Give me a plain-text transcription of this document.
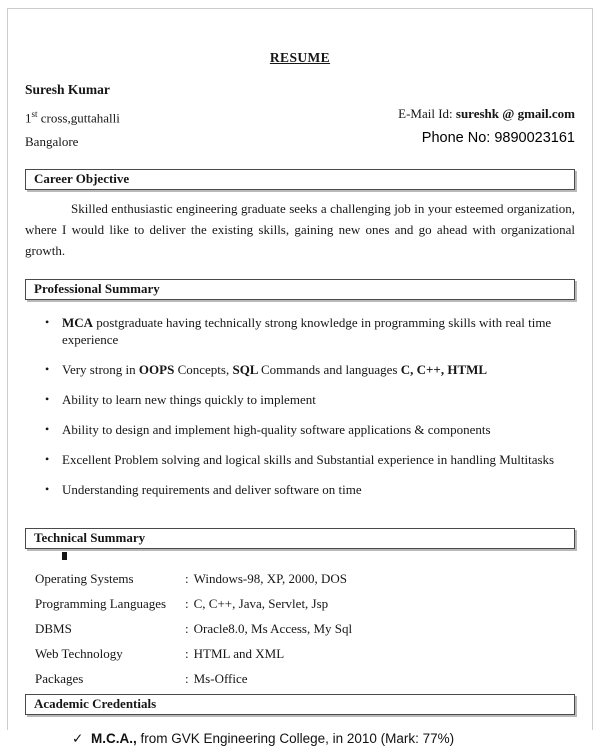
RESUME
Suresh Kumar
1st cross,guttahalli
Bangalore
E-Mail Id: sureshk @ gmail.com
Phone No: 9890023161
Career Objective
Skilled enthusiastic engineering graduate seeks a challenging job in your esteemed organization, where I would like to deliver the existing skills, gaining new ones and go ahead with organizational growth.
Professional Summary
• MCA postgraduate having technically strong knowledge in programming skills with real time experience
• Very strong in OOPS Concepts, SQL Commands and languages C, C++, HTML
• Ability to learn new things quickly to implement
• Ability to design and implement high-quality software applications & components
• Excellent Problem solving and logical skills and Substantial experience in handling Multitasks
• Understanding requirements and deliver software on time
Technical Summary
Operating Systems	: Windows-98, XP, 2000, DOS
Programming Languages	: C, C++, Java, Servlet, Jsp
DBMS	: Oracle8.0, Ms Access, My Sql
Web Technology	: HTML and XML
Packages	: Ms-Office
Academic Credentials
✓ M.C.A., from GVK Engineering College, in 2010 (Mark: 77%)
